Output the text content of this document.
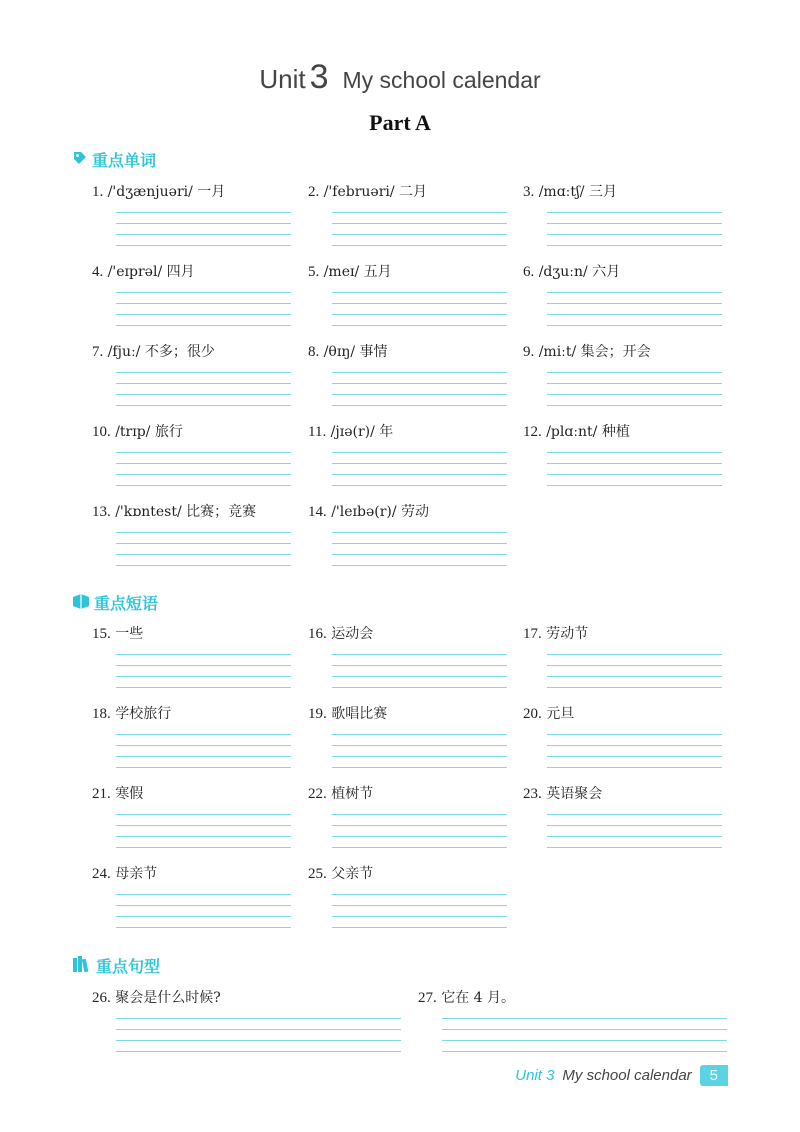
Unit 3 My school calendar
Part A
重点单词
重点短语
重点句型
1. /'dʒænjuəri/ 一月	2. /'februəri/ 二月	3. /mɑːtʃ/ 三月
4. /'eɪprəl/ 四月	5. /meɪ/ 五月	6. /dʒuːn/ 六月
7. /fjuː/ 不多；很少	8. /θɪŋ/ 事情	9. /miːt/ 集会；开会
10. /trɪp/ 旅行	11. /jɪə(r)/ 年	12. /plɑːnt/ 种植
13. /'kɒntest/ 比赛；竞赛	14. /'leɪbə(r)/ 劳动
15. 一些	16. 运动会	17. 劳动节
18. 学校旅行	19. 歌唱比赛	20. 元旦
21. 寒假	22. 植树节	23. 英语聚会
24. 母亲节	25. 父亲节
26. 聚会是什么时候?	27. 它在 4 月。
Unit 3 My school calendar	5
